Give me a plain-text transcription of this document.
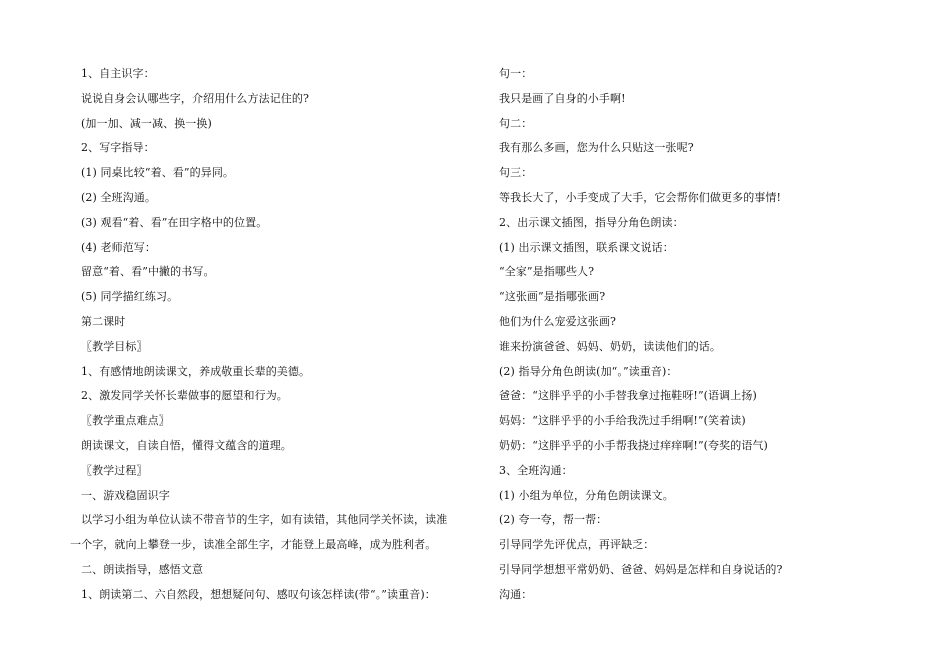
1、自主识字：
说说自身会认哪些字，介绍用什么方法记住的?
(加一加、减一减、换一换)
2、写字指导：
(1) 同桌比较“着、看”的异同。
(2) 全班沟通。
(3) 观看“着、看”在田字格中的位置。
(4) 老师范写：
留意“着、看”中撇的书写。
(5) 同学描红练习。
第二课时
〖教学目标〗
1、有感情地朗读课文，养成敬重长辈的美德。
2、激发同学关怀长辈做事的愿望和行为。
〖教学重点难点〗
朗读课文，自读自悟，懂得文蕴含的道理。
〖教学过程〗
一、游戏稳固识字
以学习小组为单位认读不带音节的生字，如有读错，其他同学关怀读，读准
一个字，就向上攀登一步，读准全部生字，才能登上最高峰，成为胜利者。
二、朗读指导，感悟文意
1、朗读第二、六自然段，想想疑问句、感叹句该怎样读(带“。”读重音)：
句一：
我只是画了自身的小手啊!
句二：
我有那么多画，您为什么只贴这一张呢?
句三：
等我长大了，小手变成了大手，它会帮你们做更多的事情!
2、出示课文插图，指导分角色朗读：
(1) 出示课文插图，联系课文说话：
“全家”是指哪些人?
“这张画”是指哪张画?
他们为什么宠爱这张画?
谁来扮演爸爸、妈妈、奶奶，读读他们的话。
(2) 指导分角色朗读(加“。”读重音)：
爸爸：“这胖乎乎的小手替我拿过拖鞋呀!”(语调上扬)
妈妈：“这胖乎乎的小手给我洗过手绢啊!”(笑着读)
奶奶：“这胖乎乎的小手帮我挠过痒痒啊!”(夸奖的语气)
3、全班沟通：
(1) 小组为单位，分角色朗读课文。
(2) 夸一夸，帮一帮：
引导同学先评优点，再评缺乏：
引导同学想想平常奶奶、爸爸、妈妈是怎样和自身说话的?
沟通：
